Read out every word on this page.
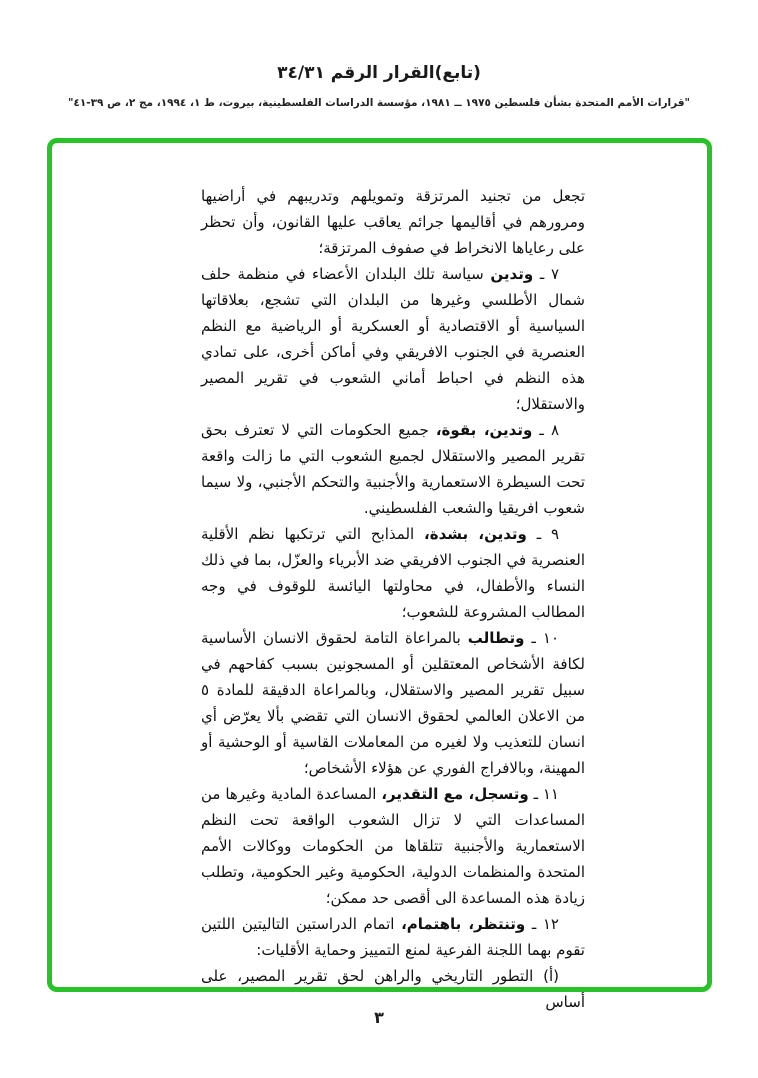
(تابع)القرار الرقم ٣٤/٣١
"قرارات الأمم المتحدة بشأن فلسطين ١٩٧٥ ــ ١٩٨١، مؤسسة الدراسات الفلسطينية، بيروت، ط ١، ١٩٩٤، مج ٢، ص ٣٩-٤١"

تجعل من تجنيد المرتزقة وتمويلهم وتدريبهم في أراضيها ومرورهم في أقاليمها جرائم يعاقب عليها القانون، وأن تحظر على رعاياها الانخراط في صفوف المرتزقة؛

٧ ـ وتدين سياسة تلك البلدان الأعضاء في منظمة حلف شمال الأطلسي وغيرها من البلدان التي تشجع، بعلاقاتها السياسية أو الاقتصادية أو العسكرية أو الرياضية مع النظم العنصرية في الجنوب الافريقي وفي أماكن أخرى، على تمادي هذه النظم في احباط أماني الشعوب في تقرير المصير والاستقلال؛

٨ ـ وتدين، بقوة، جميع الحكومات التي لا تعترف بحق تقرير المصير والاستقلال لجميع الشعوب التي ما زالت واقعة تحت السيطرة الاستعمارية والأجنبية والتحكم الأجنبي، ولا سيما شعوب افريقيا والشعب الفلسطيني.

٩ ـ وتدين، بشدة، المذابح التي ترتكبها نظم الأقلية العنصرية في الجنوب الافريقي ضد الأبرياء والعزّل، بما في ذلك النساء والأطفال، في محاولتها اليائسة للوقوف في وجه المطالب المشروعة للشعوب؛

١٠ ـ وتطالب بالمراعاة التامة لحقوق الانسان الأساسية لكافة الأشخاص المعتقلين أو المسجونين بسبب كفاحهم في سبيل تقرير المصير والاستقلال، وبالمراعاة الدقيقة للمادة ٥ من الاعلان العالمي لحقوق الانسان التي تقضي بألا يعرّض أي انسان للتعذيب ولا لغيره من المعاملات القاسية أو الوحشية أو المهينة، وبالافراج الفوري عن هؤلاء الأشخاص؛

١١ ـ وتسجل، مع التقدير، المساعدة المادية وغيرها من المساعدات التي لا تزال الشعوب الواقعة تحت النظم الاستعمارية والأجنبية تتلقاها من الحكومات ووكالات الأمم المتحدة والمنظمات الدولية، الحكومية وغير الحكومية، وتطلب زيادة هذه المساعدة الى أقصى حد ممكن؛

١٢ ـ وتنتظر، باهتمام، اتمام الدراستين التاليتين اللتين تقوم بهما اللجنة الفرعية لمنع التمييز وحماية الأقليات:

(أ) التطور التاريخي والراهن لحق تقرير المصير، على أساس

٣
